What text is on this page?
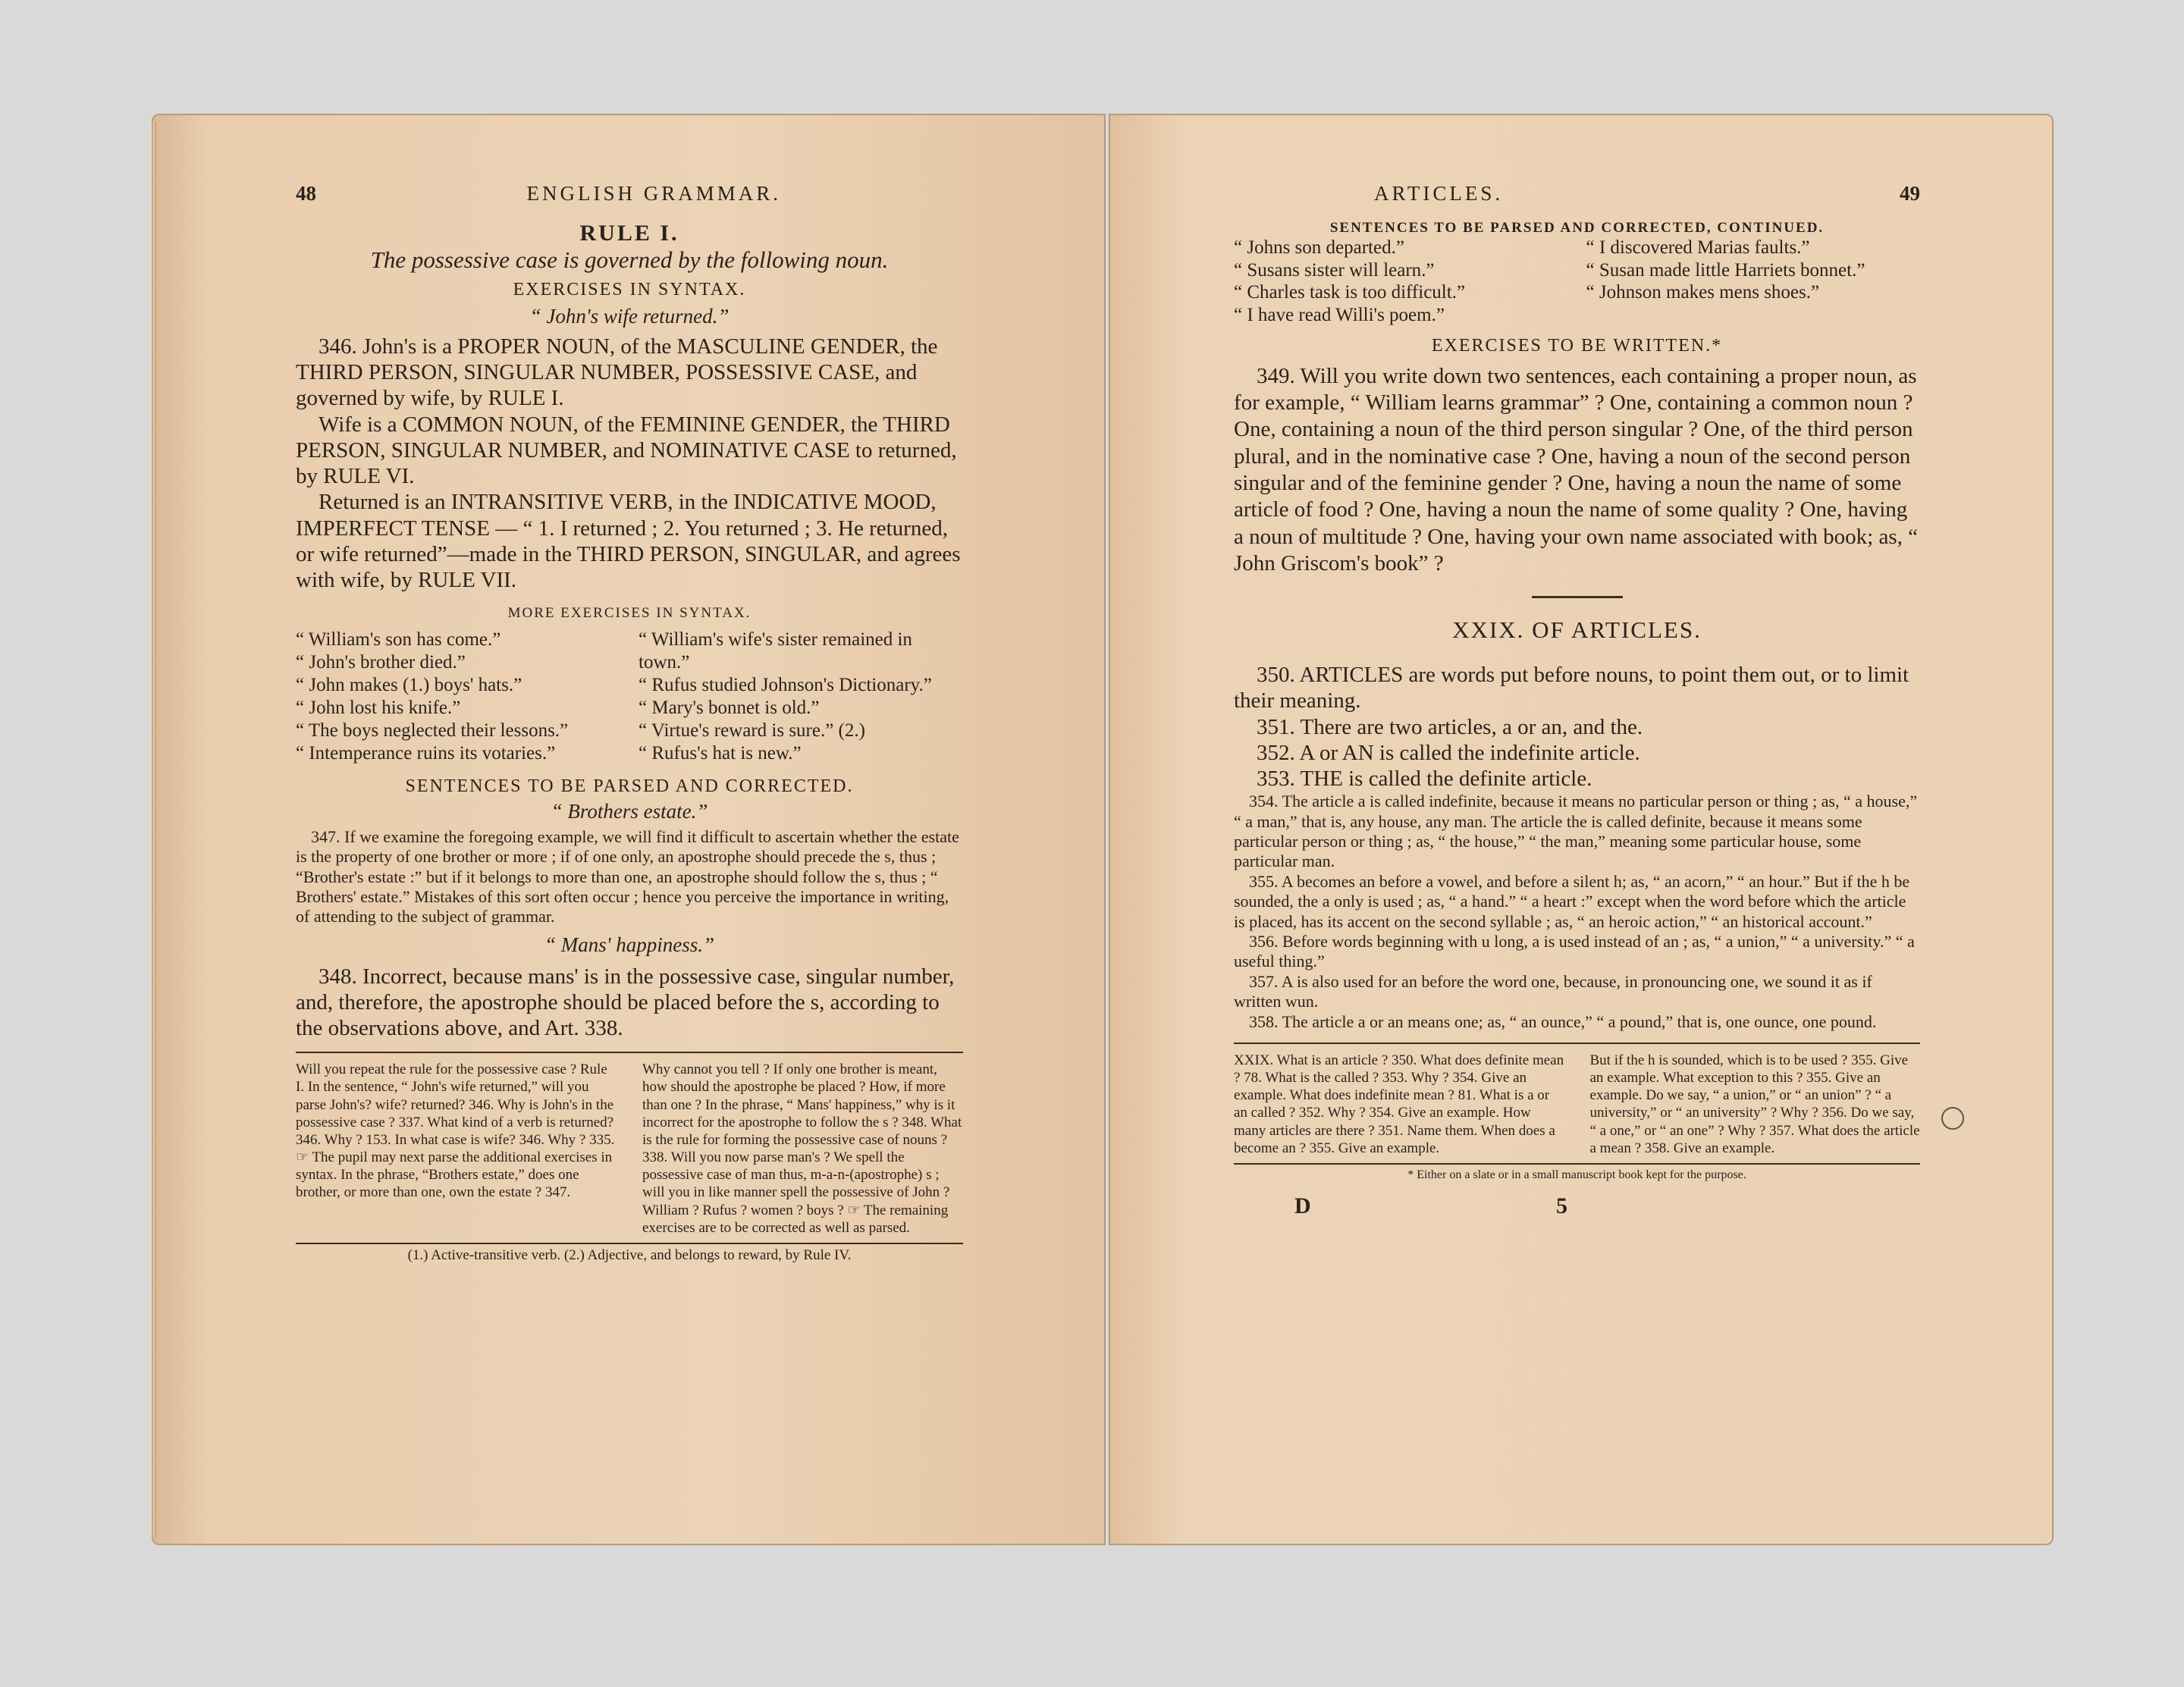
48	ENGLISH GRAMMAR.

RULE I.

The possessive case is governed by the following noun.

EXERCISES IN SYNTAX.

“ John's wife returned.”

346. John's is a PROPER NOUN, of the MASCULINE GENDER, the THIRD PERSON, SINGULAR NUMBER, POSSESSIVE CASE, and governed by wife, by RULE I.

Wife is a COMMON NOUN, of the FEMININE GENDER, the THIRD PERSON, SINGULAR NUMBER, and NOMINATIVE CASE to returned, by RULE VI.

Returned is an INTRANSITIVE VERB, in the INDICATIVE MOOD, IMPERFECT TENSE — “ 1. I returned ; 2. You returned ; 3. He returned, or wife returned”—made in the THIRD PERSON, SINGULAR, and agrees with wife, by RULE VII.

MORE EXERCISES IN SYNTAX.

“ William's son has come.”
“ John's brother died.”
“ John makes (1.) boys' hats.”
“ John lost his knife.”
“ The boys neglected their lessons.”
“ Intemperance ruins its votaries.”
“ William's wife's sister remained in town.”
“ Rufus studied Johnson's Dictionary.”
“ Mary's bonnet is old.”
“ Virtue's reward is sure.” (2.)
“ Rufus's hat is new.”

SENTENCES TO BE PARSED AND CORRECTED.

“ Brothers estate.”

347. If we examine the foregoing example, we will find it difficult to ascertain whether the estate is the property of one brother or more ; if of one only, an apostrophe should precede the s, thus ; “Brother's estate :” but if it belongs to more than one, an apostrophe should follow the s, thus ; “ Brothers' estate.” Mistakes of this sort often occur ; hence you perceive the importance in writing, of attending to the subject of grammar.

“ Mans' happiness.”

348. Incorrect, because mans' is in the possessive case, singular number, and, therefore, the apostrophe should be placed before the s, according to the observations above, and Art. 338.

Will you repeat the rule for the possessive case ? Rule I. In the sentence, “ John's wife returned,” will you parse John's? wife? returned? 346. Why is John's in the possessive case ? 337. What kind of a verb is returned? 346. Why ? 153. In what case is wife? 346. Why ? 335. ☞ The pupil may next parse the additional exercises in syntax. In the phrase, “Brothers estate,” does one brother, or more than one, own the estate ? 347.
Why cannot you tell ? If only one brother is meant, how should the apostrophe be placed ? How, if more than one ? In the phrase, “ Mans' happiness,” why is it incorrect for the apostrophe to follow the s ? 348. What is the rule for forming the possessive case of nouns ? 338. Will you now parse man's ? We spell the possessive case of man thus, m-a-n-(apostrophe) s ; will you in like manner spell the possessive of John ? William ? Rufus ? women ? boys ? ☞ The remaining exercises are to be corrected as well as parsed.

(1.) Active-transitive verb. (2.) Adjective, and belongs to reward, by Rule IV.

ARTICLES.	49

SENTENCES TO BE PARSED AND CORRECTED, CONTINUED.

“ Johns son departed.”
“ Susans sister will learn.”
“ Charles task is too difficult.”
“ I have read Willi's poem.”
“ I discovered Marias faults.”
“ Susan made little Harriets bonnet.”
“ Johnson makes mens shoes.”

EXERCISES TO BE WRITTEN.*

349. Will you write down two sentences, each containing a proper noun, as for example, “ William learns grammar” ? One, containing a common noun ? One, containing a noun of the third person singular ? One, of the third person plural, and in the nominative case ? One, having a noun of the second person singular and of the feminine gender ? One, having a noun the name of some article of food ? One, having a noun the name of some quality ? One, having a noun of multitude ? One, having your own name associated with book; as, “ John Griscom's book” ?

XXIX. OF ARTICLES.

350. ARTICLES are words put before nouns, to point them out, or to limit their meaning.

351. There are two articles, a or an, and the.

352. A or AN is called the indefinite article.

353. THE is called the definite article.

354. The article a is called indefinite, because it means no particular person or thing ; as, “ a house,” “ a man,” that is, any house, any man. The article the is called definite, because it means some particular person or thing ; as, “ the house,” “ the man,” meaning some particular house, some particular man.

355. A becomes an before a vowel, and before a silent h; as, “ an acorn,” “ an hour.” But if the h be sounded, the a only is used ; as, “ a hand.” “ a heart :” except when the word before which the article is placed, has its accent on the second syllable ; as, “ an heroic action,” “ an historical account.”

356. Before words beginning with u long, a is used instead of an ; as, “ a union,” “ a university.” “ a useful thing.”

357. A is also used for an before the word one, because, in pronouncing one, we sound it as if written wun.

358. The article a or an means one; as, “ an ounce,” “ a pound,” that is, one ounce, one pound.

XXIX. What is an article ? 350. What does definite mean ? 78. What is the called ? 353. Why ? 354. Give an example. What does indefinite mean ? 81. What is a or an called ? 352. Why ? 354. Give an example. How many articles are there ? 351. Name them. When does a become an ? 355. Give an example.
But if the h is sounded, which is to be used ? 355. Give an example. What exception to this ? 355. Give an example. Do we say, “ a union,” or “ an union” ? “ a university,” or “ an university” ? Why ? 356. Do we say, “ a one,” or “ an one” ? Why ? 357. What does the article a mean ? 358. Give an example.

* Either on a slate or in a small manuscript book kept for the purpose.

D	5
